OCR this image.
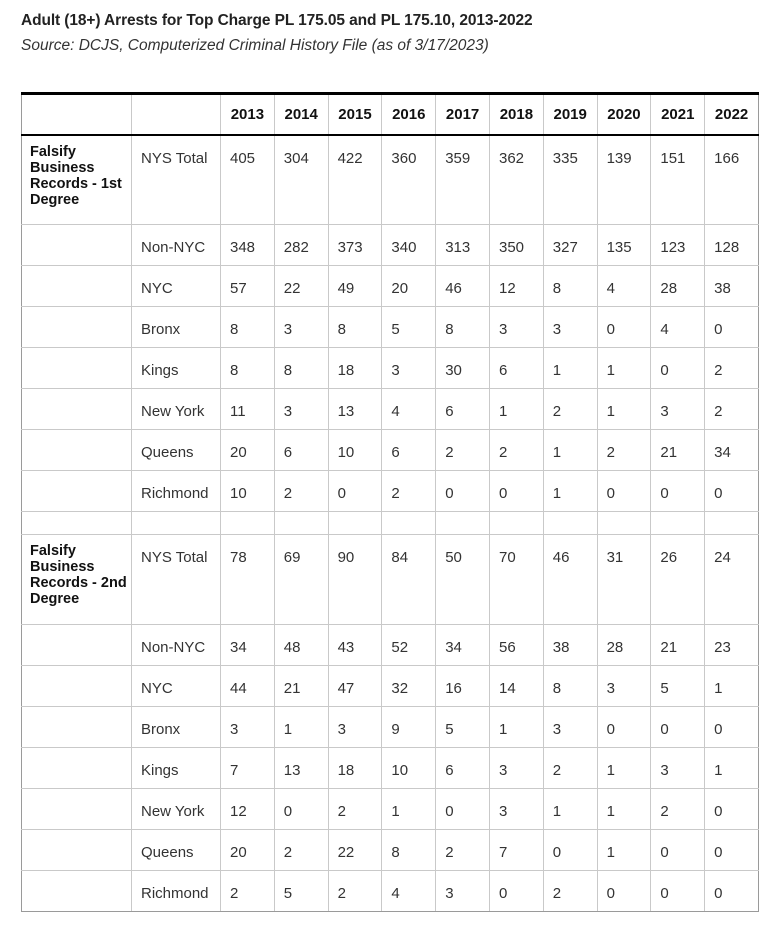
Adult (18+) Arrests for Top Charge PL 175.05 and PL 175.10, 2013-2022

Source: DCJS, Computerized Criminal History File (as of 3/17/2023)

		2013	2014	2015	2016	2017	2018	2019	2020	2021	2022
Falsify Business Records - 1st Degree	NYS Total	405	304	422	360	359	362	335	139	151	166
	Non-NYC	348	282	373	340	313	350	327	135	123	128
	NYC	57	22	49	20	46	12	8	4	28	38
	Bronx	8	3	8	5	8	3	3	0	4	0
	Kings	8	8	18	3	30	6	1	1	0	2
	New York	11	3	13	4	6	1	2	1	3	2
	Queens	20	6	10	6	2	2	1	2	21	34
	Richmond	10	2	0	2	0	0	1	0	0	0

Falsify Business Records - 2nd Degree	NYS Total	78	69	90	84	50	70	46	31	26	24
	Non-NYC	34	48	43	52	34	56	38	28	21	23
	NYC	44	21	47	32	16	14	8	3	5	1
	Bronx	3	1	3	9	5	1	3	0	0	0
	Kings	7	13	18	10	6	3	2	1	3	1
	New York	12	0	2	1	0	3	1	1	2	0
	Queens	20	2	22	8	2	7	0	1	0	0
	Richmond	2	5	2	4	3	0	2	0	0	0
